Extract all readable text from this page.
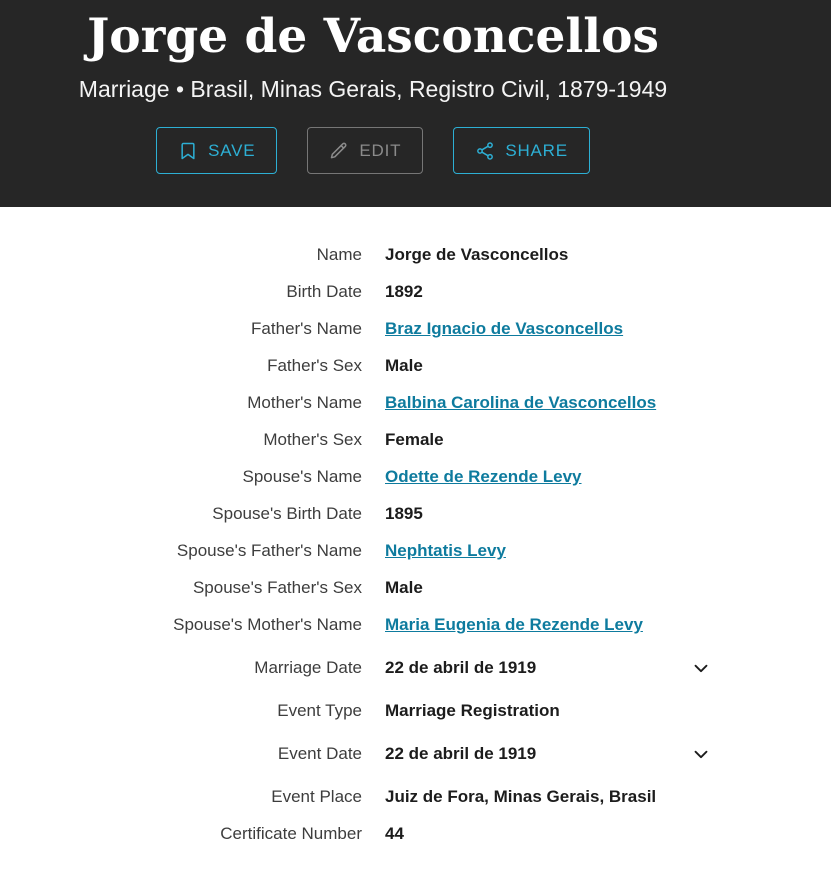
Jorge de Vasconcellos
Marriage • Brasil, Minas Gerais, Registro Civil, 1879-1949
SAVE	EDIT	SHARE
Name Jorge de Vasconcellos
Birth Date 1892
Father's Name Braz Ignacio de Vasconcellos
Father's Sex Male
Mother's Name Balbina Carolina de Vasconcellos
Mother's Sex Female
Spouse's Name Odette de Rezende Levy
Spouse's Birth Date 1895
Spouse's Father's Name Nephtatis Levy
Spouse's Father's Sex Male
Spouse's Mother's Name Maria Eugenia de Rezende Levy
Marriage Date 22 de abril de 1919
Event Type Marriage Registration
Event Date 22 de abril de 1919
Event Place Juiz de Fora, Minas Gerais, Brasil
Certificate Number 44
